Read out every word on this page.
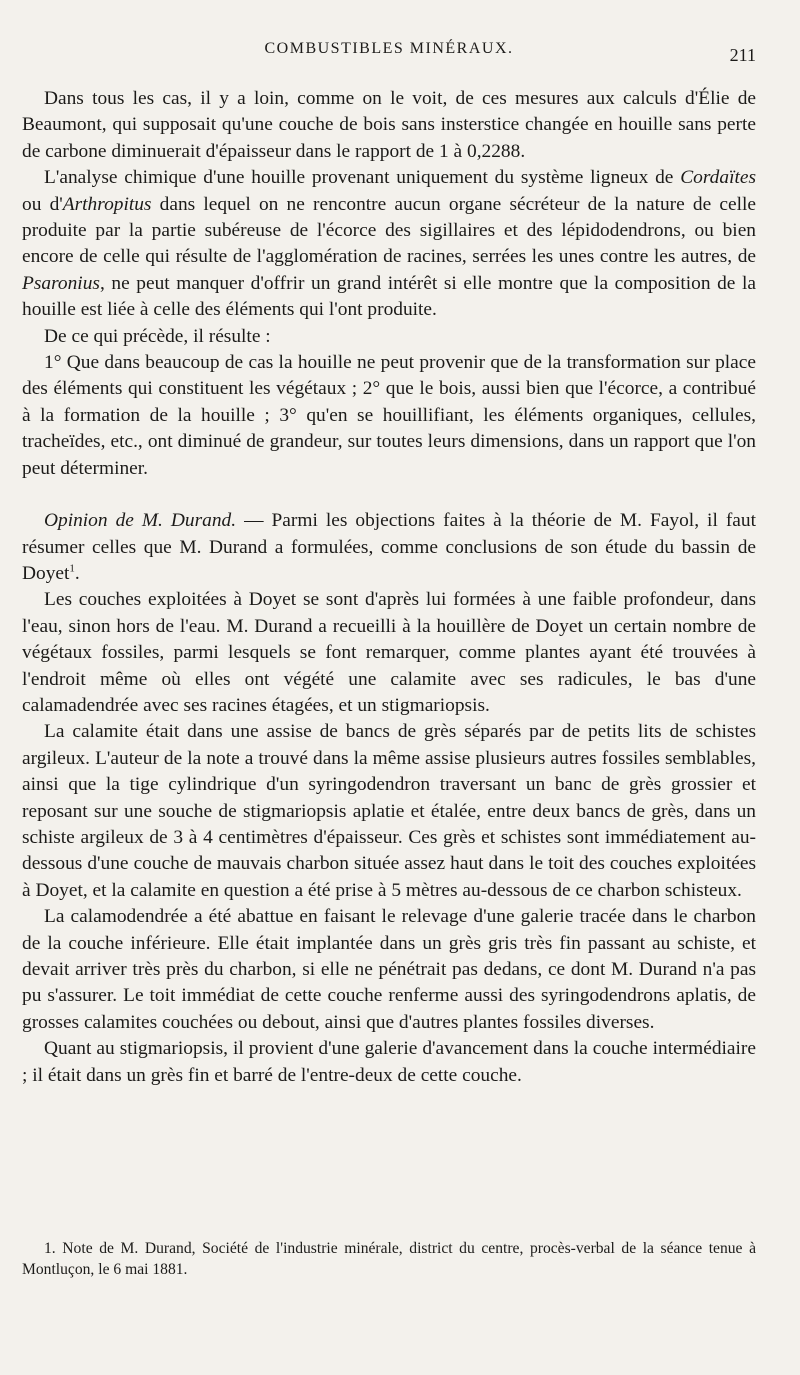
COMBUSTIBLES MINÉRAUX.	211

Dans tous les cas, il y a loin, comme on le voit, de ces mesures aux calculs d'Élie de Beaumont, qui supposait qu'une couche de bois sans insterstice changée en houille sans perte de carbone diminuerait d'épaisseur dans le rapport de 1 à 0,2288.

L'analyse chimique d'une houille provenant uniquement du système ligneux de Cordaïtes ou d'Arthropitus dans lequel on ne rencontre aucun organe sécréteur de la nature de celle produite par la partie subéreuse de l'écorce des sigillaires et des lépidodendrons, ou bien encore de celle qui résulte de l'agglomération de racines, serrées les unes contre les autres, de Psaronius, ne peut manquer d'offrir un grand intérêt si elle montre que la composition de la houille est liée à celle des éléments qui l'ont produite.

De ce qui précède, il résulte :

1° Que dans beaucoup de cas la houille ne peut provenir que de la transformation sur place des éléments qui constituent les végétaux ; 2° que le bois, aussi bien que l'écorce, a contribué à la formation de la houille ; 3° qu'en se houillifiant, les éléments organiques, cellules, tracheïdes, etc., ont diminué de grandeur, sur toutes leurs dimensions, dans un rapport que l'on peut déterminer.

Opinion de M. Durand. — Parmi les objections faites à la théorie de M. Fayol, il faut résumer celles que M. Durand a formulées, comme conclusions de son étude du bassin de Doyet$^1$.

Les couches exploitées à Doyet se sont d'après lui formées à une faible profondeur, dans l'eau, sinon hors de l'eau. M. Durand a recueilli à la houillère de Doyet un certain nombre de végétaux fossiles, parmi lesquels se font remarquer, comme plantes ayant été trouvées à l'endroit même où elles ont végété une calamite avec ses radicules, le bas d'une calamadendrée avec ses racines étagées, et un stigmariopsis.

La calamite était dans une assise de bancs de grès séparés par de petits lits de schistes argileux. L'auteur de la note a trouvé dans la même assise plusieurs autres fossiles semblables, ainsi que la tige cylindrique d'un syringodendron traversant un banc de grès grossier et reposant sur une souche de stigmariopsis aplatie et étalée, entre deux bancs de grès, dans un schiste argileux de 3 à 4 centimètres d'épaisseur. Ces grès et schistes sont immédiatement au-dessous d'une couche de mauvais charbon située assez haut dans le toit des couches exploitées à Doyet, et la calamite en question a été prise à 5 mètres au-dessous de ce charbon schisteux.

La calamodendrée a été abattue en faisant le relevage d'une galerie tracée dans le charbon de la couche inférieure. Elle était implantée dans un grès gris très fin passant au schiste, et devait arriver très près du charbon, si elle ne pénétrait pas dedans, ce dont M. Durand n'a pas pu s'assurer. Le toit immédiat de cette couche renferme aussi des syringodendrons aplatis, de grosses calamites couchées ou debout, ainsi que d'autres plantes fossiles diverses.

Quant au stigmariopsis, il provient d'une galerie d'avancement dans la couche intermédiaire ; il était dans un grès fin et barré de l'entre-deux de cette couche.

1. Note de M. Durand, Société de l'industrie minérale, district du centre, procès-verbal de la séance tenue à Montluçon, le 6 mai 1881.
